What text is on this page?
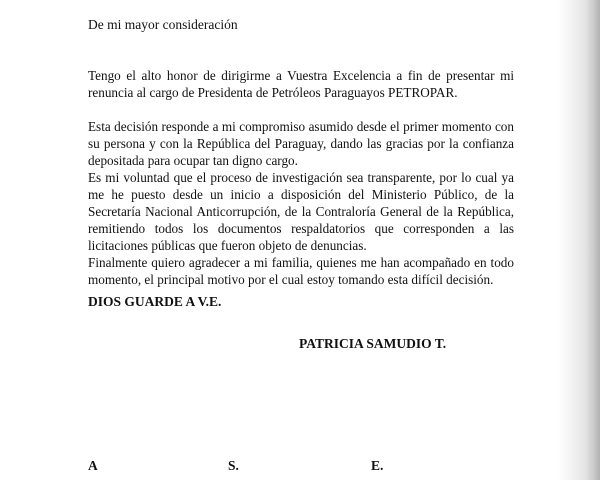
De mi mayor consideración

Tengo el alto honor de dirigirme a Vuestra Excelencia a fin de presentar mi renuncia al cargo de Presidenta de Petróleos Paraguayos PETROPAR.

Esta decisión responde a mi compromiso asumido desde el primer momento con su persona y con la República del Paraguay, dando las gracias por la confianza depositada para ocupar tan digno cargo.

Es mi voluntad que el proceso de investigación sea transparente, por lo cual ya me he puesto desde un inicio a disposición del Ministerio Público, de la Secretaría Nacional Anticorrupción, de la Contraloría General de la República, remitiendo todos los documentos respaldatorios que corresponden a las licitaciones públicas que fueron objeto de denuncias.

Finalmente quiero agradecer a mi familia, quienes me han acompañado en todo momento, el principal motivo por el cual estoy tomando esta difícil decisión.

DIOS GUARDE A V.E.
PATRICIA SAMUDIO T.
A	S.	E.
